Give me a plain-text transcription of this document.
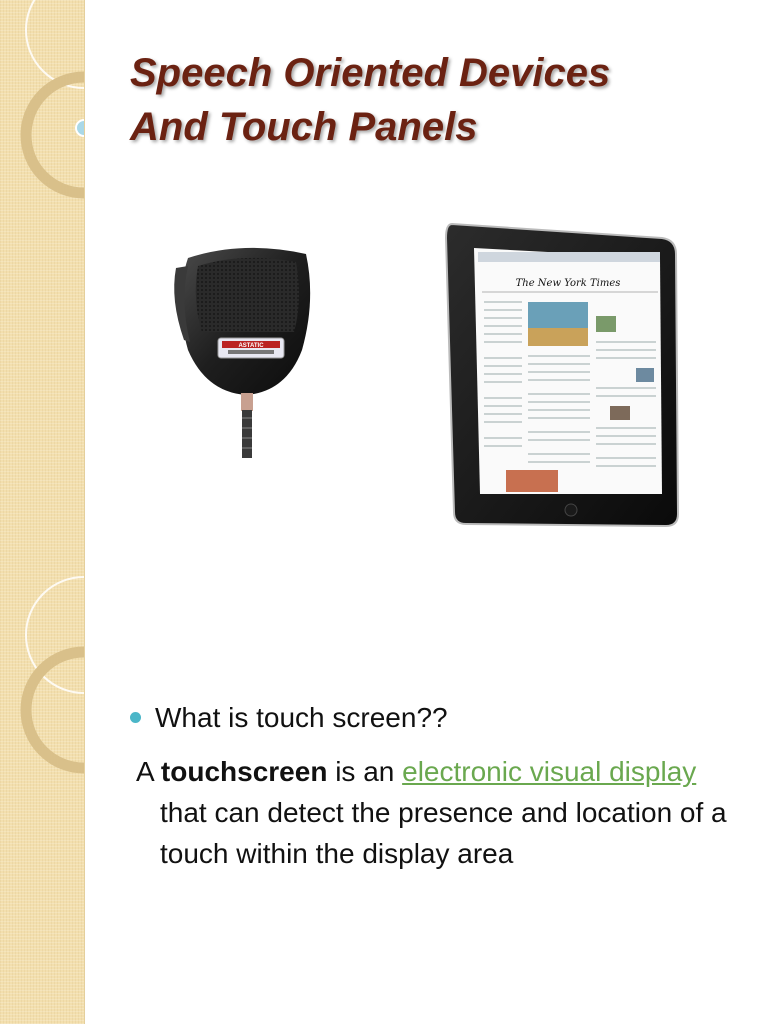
Speech Oriented Devices
And Touch Panels
ASTATIC
The New York Times
What is touch screen??
A touchscreen is an electronic visual display that can detect the presence and location of a touch within the display area
